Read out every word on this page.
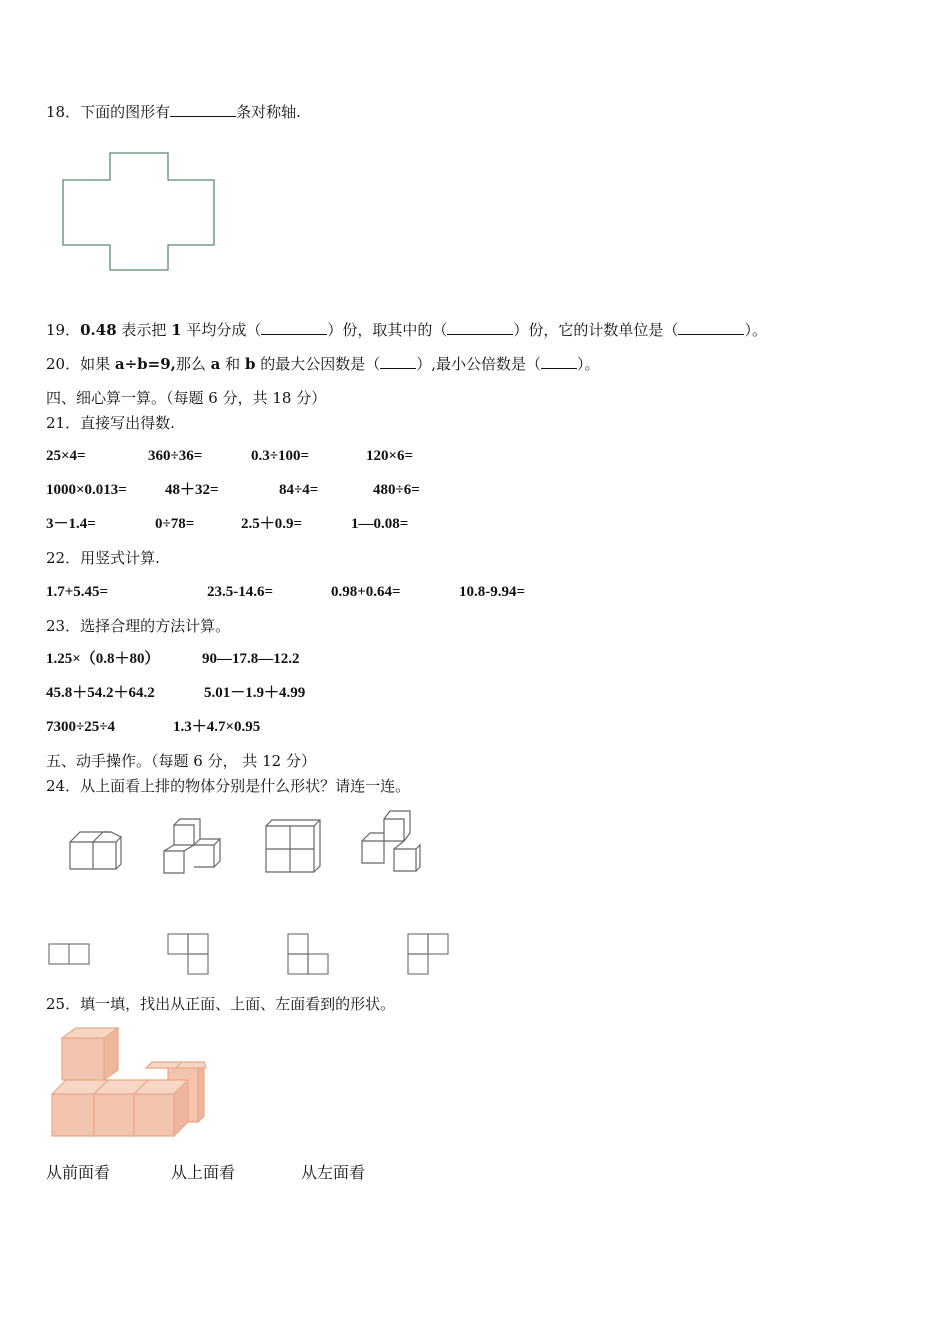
18．下面的图形有	条对称轴.
19．0.48 表示把 1 平均分成（	）份，取其中的（	）份，它的计数单位是（	）。
20．如果 a÷b=9,那么 a 和 b 的最大公因数是（ ）,最小公倍数是（ ）。
四、细心算一算。（每题 6 分，共 18 分）
21．直接写出得数.
25×4=	360÷36=	0.3÷100=	120×6=
1000×0.013=	48＋32=	84÷4=	480÷6=
3－1.4=	0÷78=	2.5＋0.9=	1—0.08=
22．用竖式计算.
1.7+5.45=	23.5-14.6=	0.98+0.64=	10.8-9.94=
23．选择合理的方法计算。
1.25×（0.8＋80）	90—17.8—12.2
45.8＋54.2＋64.2	5.01－1.9＋4.99
7300÷25÷4	1.3＋4.7×0.95
五、动手操作。（每题 6 分， 共 12 分）
24．从上面看上排的物体分别是什么形状？请连一连。
25．填一填，找出从正面、上面、左面看到的形状。
从前面看	从上面看	从左面看
